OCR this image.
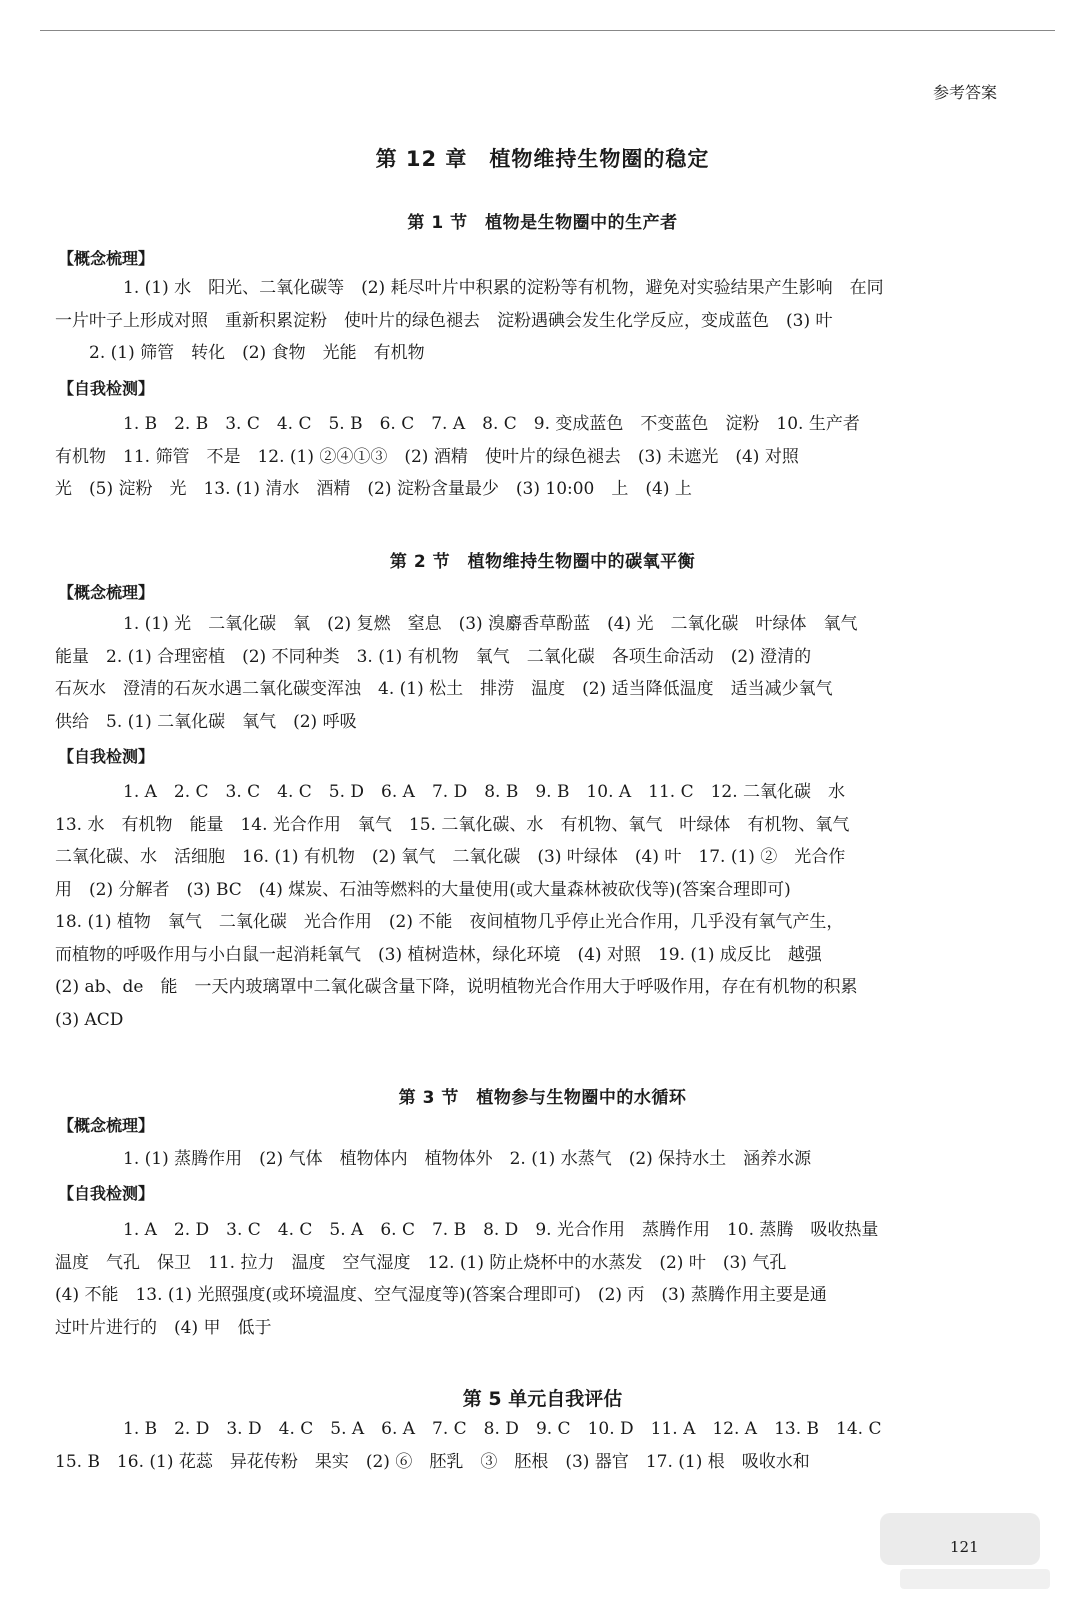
参考答案
第 12 章　植物维持生物圈的稳定
第 1 节　植物是生物圈中的生产者
【概念梳理】
1. (1) 水　阳光、二氧化碳等　(2) 耗尽叶片中积累的淀粉等有机物，避免对实验结果产生影响　在同
一片叶子上形成对照　重新积累淀粉　使叶片的绿色褪去　淀粉遇碘会发生化学反应，变成蓝色　(3) 叶
2. (1) 筛管　转化　(2) 食物　光能　有机物
【自我检测】
1. B　2. B　3. C　4. C　5. B　6. C　7. A　8. C　9. 变成蓝色　不变蓝色　淀粉　10. 生产者
有机物　11. 筛管　不是　12. (1) ②④①③　(2) 酒精　使叶片的绿色褪去　(3) 未遮光　(4) 对照
光　(5) 淀粉　光　13. (1) 清水　酒精　(2) 淀粉含量最少　(3) 10:00　上　(4) 上
第 2 节　植物维持生物圈中的碳氧平衡
【概念梳理】
1. (1) 光　二氧化碳　氧　(2) 复燃　窒息　(3) 溴麝香草酚蓝　(4) 光　二氧化碳　叶绿体　氧气
能量　2. (1) 合理密植　(2) 不同种类　3. (1) 有机物　氧气　二氧化碳　各项生命活动　(2) 澄清的
石灰水　澄清的石灰水遇二氧化碳变浑浊　4. (1) 松土　排涝　温度　(2) 适当降低温度　适当减少氧气
供给　5. (1) 二氧化碳　氧气　(2) 呼吸
【自我检测】
1. A　2. C　3. C　4. C　5. D　6. A　7. D　8. B　9. B　10. A　11. C　12. 二氧化碳　水
13. 水　有机物　能量　14. 光合作用　氧气　15. 二氧化碳、水　有机物、氧气　叶绿体　有机物、氧气
二氧化碳、水　活细胞　16. (1) 有机物　(2) 氧气　二氧化碳　(3) 叶绿体　(4) 叶　17. (1) ②　光合作
用　(2) 分解者　(3) BC　(4) 煤炭、石油等燃料的大量使用(或大量森林被砍伐等)(答案合理即可)
18. (1) 植物　氧气　二氧化碳　光合作用　(2) 不能　夜间植物几乎停止光合作用，几乎没有氧气产生，
而植物的呼吸作用与小白鼠一起消耗氧气　(3) 植树造林，绿化环境　(4) 对照　19. (1) 成反比　越强
(2) ab、de　能　一天内玻璃罩中二氧化碳含量下降，说明植物光合作用大于呼吸作用，存在有机物的积累
(3) ACD
第 3 节　植物参与生物圈中的水循环
【概念梳理】
1. (1) 蒸腾作用　(2) 气体　植物体内　植物体外　2. (1) 水蒸气　(2) 保持水土　涵养水源
【自我检测】
1. A　2. D　3. C　4. C　5. A　6. C　7. B　8. D　9. 光合作用　蒸腾作用　10. 蒸腾　吸收热量
温度　气孔　保卫　11. 拉力　温度　空气湿度　12. (1) 防止烧杯中的水蒸发　(2) 叶　(3) 气孔
(4) 不能　13. (1) 光照强度(或环境温度、空气湿度等)(答案合理即可)　(2) 丙　(3) 蒸腾作用主要是通
过叶片进行的　(4) 甲　低于
第 5 单元自我评估
1. B　2. D　3. D　4. C　5. A　6. A　7. C　8. D　9. C　10. D　11. A　12. A　13. B　14. C
15. B　16. (1) 花蕊　异花传粉　果实　(2) ⑥　胚乳　③　胚根　(3) 器官　17. (1) 根　吸收水和
121
